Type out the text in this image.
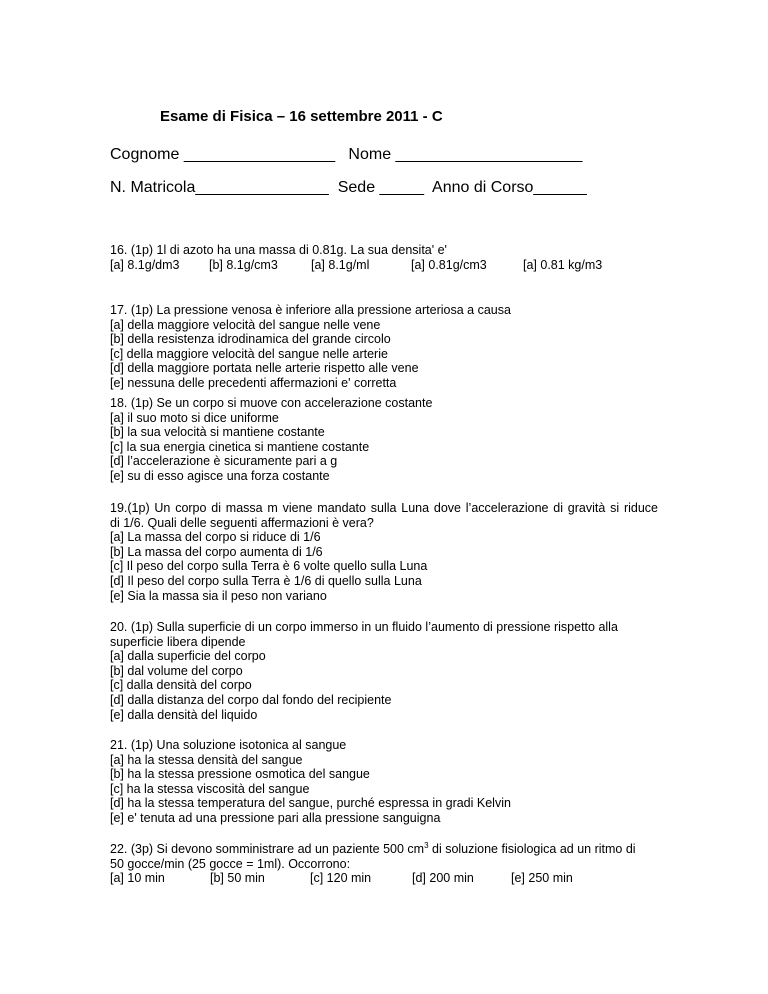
Esame di Fisica – 16 settembre 2011 - C
Cognome _________________   Nome _____________________
N. Matricola_______________  Sede _____  Anno di Corso______
16. (1p) 1l di azoto ha una massa di 0.81g. La sua densita' e'
[a] 8.1g/dm3	[b] 8.1g/cm3	[a] 8.1g/ml	[a] 0.81g/cm3	[a] 0.81 kg/m3
17. (1p) La pressione venosa è inferiore alla pressione arteriosa a causa
[a] della maggiore velocità del sangue nelle vene
[b] della resistenza idrodinamica del grande circolo
[c] della maggiore velocità del sangue nelle arterie
[d] della maggiore portata nelle arterie rispetto alle vene
[e] nessuna delle precedenti affermazioni e' corretta
18. (1p) Se un corpo si muove con accelerazione costante
[a] il suo moto si dice uniforme
[b] la sua velocità si mantiene costante
[c] la sua energia cinetica si mantiene costante
[d] l’accelerazione è sicuramente pari a g
[e] su di esso agisce una forza costante
19.(1p) Un corpo di massa m viene mandato sulla Luna dove l’accelerazione di gravità si riduce
di 1/6. Quali delle seguenti affermazioni è vera?
[a] La massa del corpo si riduce di 1/6
[b] La massa del corpo aumenta di 1/6
[c] Il peso del corpo sulla Terra è 6 volte quello sulla Luna
[d] Il peso del corpo sulla Terra è 1/6 di quello sulla Luna
[e] Sia la massa sia il peso non variano
20. (1p) Sulla superficie di un corpo immerso in un fluido l’aumento di pressione rispetto alla
superficie libera dipende
[a] dalla superficie del corpo
[b] dal volume del corpo
[c] dalla densità del corpo
[d] dalla distanza del corpo dal fondo del recipiente
[e] dalla densità del liquido
21. (1p) Una soluzione isotonica al sangue
[a] ha la stessa densità del sangue
[b] ha la stessa pressione osmotica del sangue
[c] ha la stessa viscosità del sangue
[d] ha la stessa temperatura del sangue, purché espressa in gradi Kelvin
[e] e' tenuta ad una pressione pari alla pressione sanguigna
22. (3p) Si devono somministrare ad un paziente 500 $cm^3$ di soluzione fisiologica ad un ritmo di
50 gocce/min (25 gocce = 1ml). Occorrono:
[a] 10 min	[b] 50 min	[c] 120 min	[d] 200 min	[e] 250 min
